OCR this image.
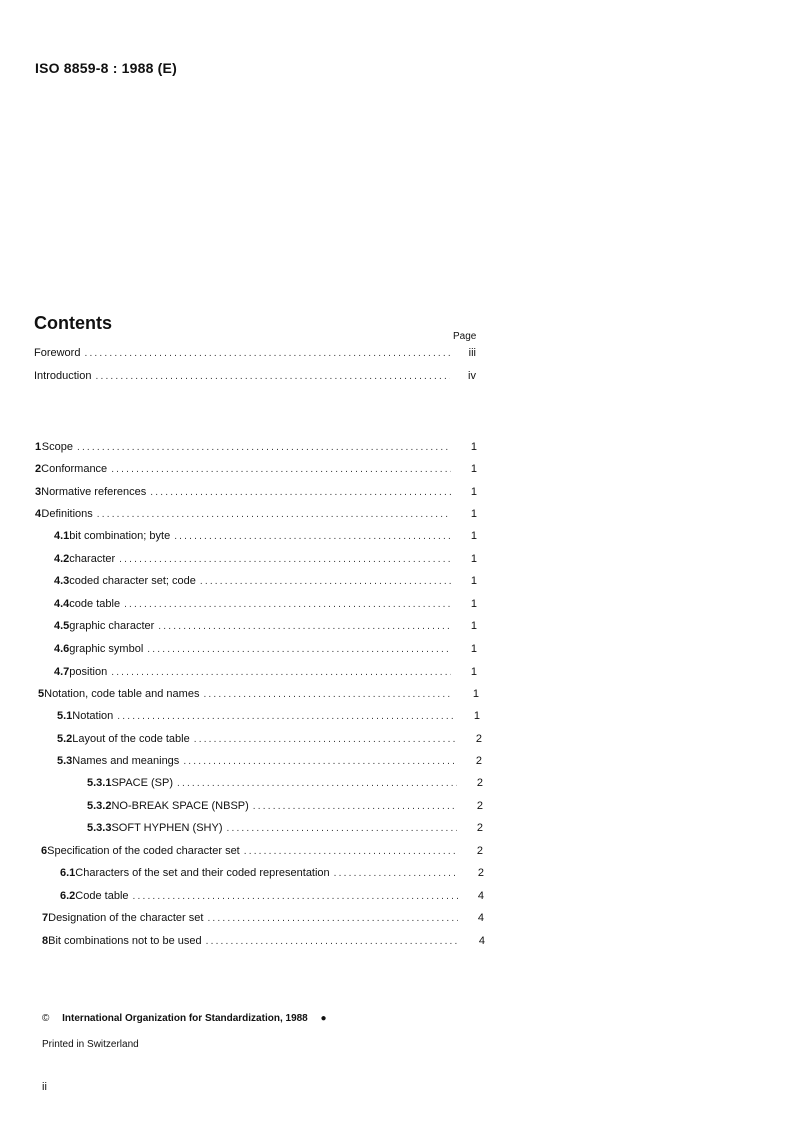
ISO 8859-8 : 1988 (E)
Contents
Page
Foreword .....	iii
Introduction .....	iv
1 Scope .....	1
2 Conformance .....	1
3 Normative references .....	1
4 Definitions .....	1
4.1 bit combination; byte .....	1
4.2 character .....	1
4.3 coded character set; code .....	1
4.4 code table .....	1
4.5 graphic character .....	1
4.6 graphic symbol .....	1
4.7 position .....	1
5 Notation, code table and names .....	1
5.1 Notation .....	1
5.2 Layout of the code table .....	2
5.3 Names and meanings .....	2
5.3.1 SPACE (SP) .....	2
5.3.2 NO-BREAK SPACE (NBSP) .....	2
5.3.3 SOFT HYPHEN (SHY) .....	2
6 Specification of the coded character set .....	2
6.1 Characters of the set and their coded representation .....	2
6.2 Code table .....	4
7 Designation of the character set .....	4
8 Bit combinations not to be used .....	4
© International Organization for Standardization, 1988 ●
Printed in Switzerland
ii
